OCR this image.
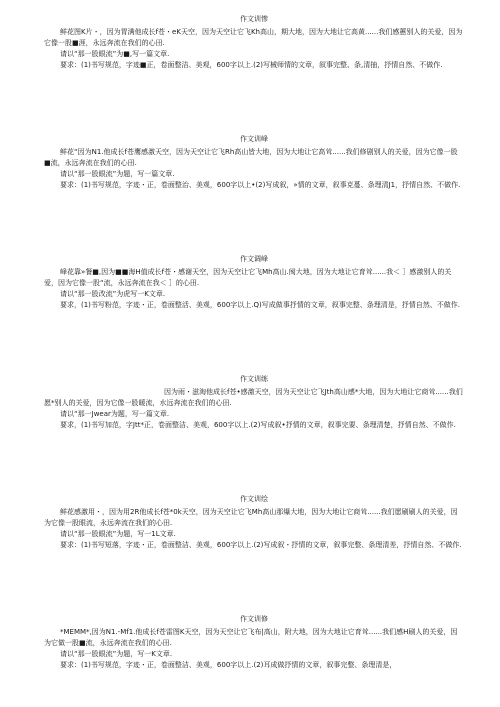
作文训惨

鲜花图K片・，因为胃满他成长f苍・eK天空，因为天空让它飞Kh高山，期大地，因为大地让它高黄......我们感蕙别人的关爱，因为它像一股■涯，永远奔流在我们的心田.

请以“那一股眼流”为■,写一篇文章.

要求：(1)书写规范，字迹■正，卷面整洁、美观，600字以上.(2)写械师情的文章，叙事完整、条,清抽，抒情自然、不做作.

作文训峰

鲜花“因为N1.他成长f苍鹰感激天空，因为天空让它飞Rh高山皆大地，因为大地让它高耸......我们修剧别人的关爱，因为它像一股■流，永远奔流在我们的心田.

请以“那一股眼流”为题，写一篇文章.

要求：(1)书写规范，字迹・正，卷面整治、美观，600字以上•(2)写成叙，»情的文章，叙事克蔓、条理清J1，抒情自然、不做作.

作文调峰

峰花靠»餐■,因为■■海H值成长f苍・感谢天空，因为天空让它飞Mh高山.阂大地，因为大地让它育耸......我＜ ］感激别人的关爱，因为它像一股“流，永远奔流在我＜ ］的心田.

请以“那一股改流”为虎写一K文章.

要求，(1)书写粉范，字迹・正，卷面整活、美观，600字以上.Q)写成做事抒情的文章，叙事完整、条理清是，抒情自然、不做作.

作文训练

因为雨・滋淘他成长f苍•感激天空，因为天空让它飞Jth高山感*大地，因为大地让它商耸......我们愿*别人的关爱，因为它像一股暖流，水远奔流在我们的心田.

请以“那一Jwear为题，写一篇文章.

要求，(1)书写加范，字Jtt*正，卷面整洁、美观，600字以上.(2)写成叙•抒情的文章，叙事完要、条理清楚，抒情自然、不做作.

作文训绘

鲜花感激用・，因为用2R他成长f苍*0k天空，因为天空让它飞Mh高山那爆大地，因为大地让它商耸......我们愿刷刷人的关爱，因为它像一股眼流，永远奔流在我们的心田.

请以“那一股眼流”为题，写一1L文章.

要求：(1)书写短落，字迹・正，卷面整洁、美观，600字以上.(2)写成叙・抒情的文章，叙事完整、条理清差，抒情自然、不做作.

作文训修

*MEMM*,因为N1.-Mf1.他成长f苍雷图K天空，因为天空让它飞布|高山，附大地，因为大地让它育耸......我们感H刷人的关爱，因为它做一股■流，永远奔流在我们的心田.

请以“那一股眼流”为题，写一K文章.

要求：(1)书写规范，字迹・正，卷面整洁、美观，600字以上.(2)耳成做抒情的文章，叙事完整、条理清是，
